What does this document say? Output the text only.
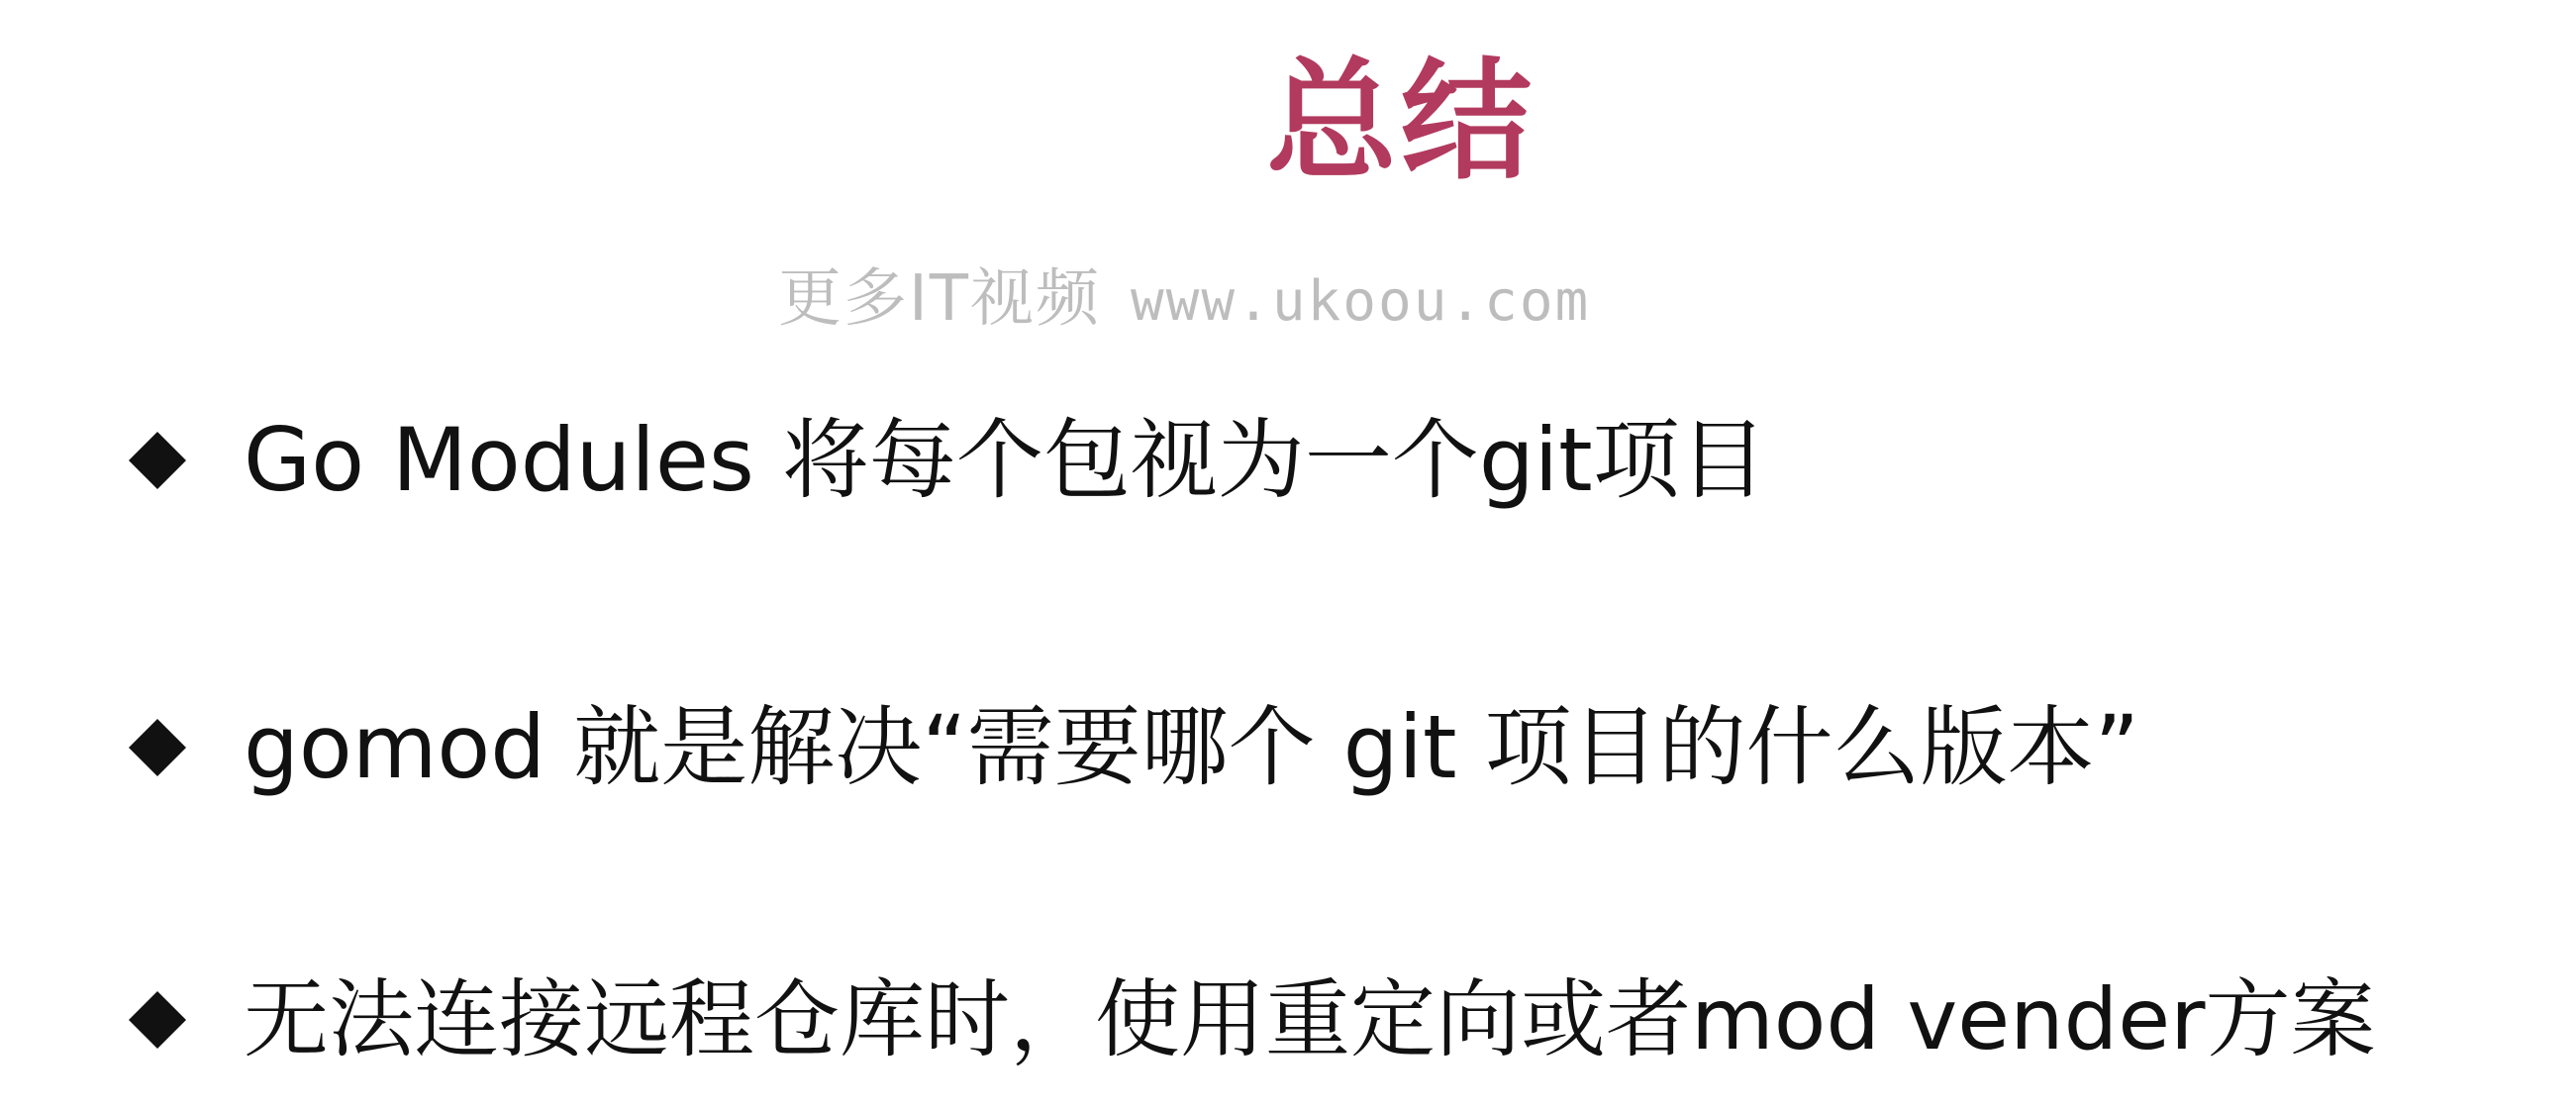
总结
更多IT视频 www.ukoou.com
Go Modules 将每个包视为一个git项目
gomod 就是解决“需要哪个 git 项目的什么版本”
无法连接远程仓库时，使用重定向或者mod vender方案
